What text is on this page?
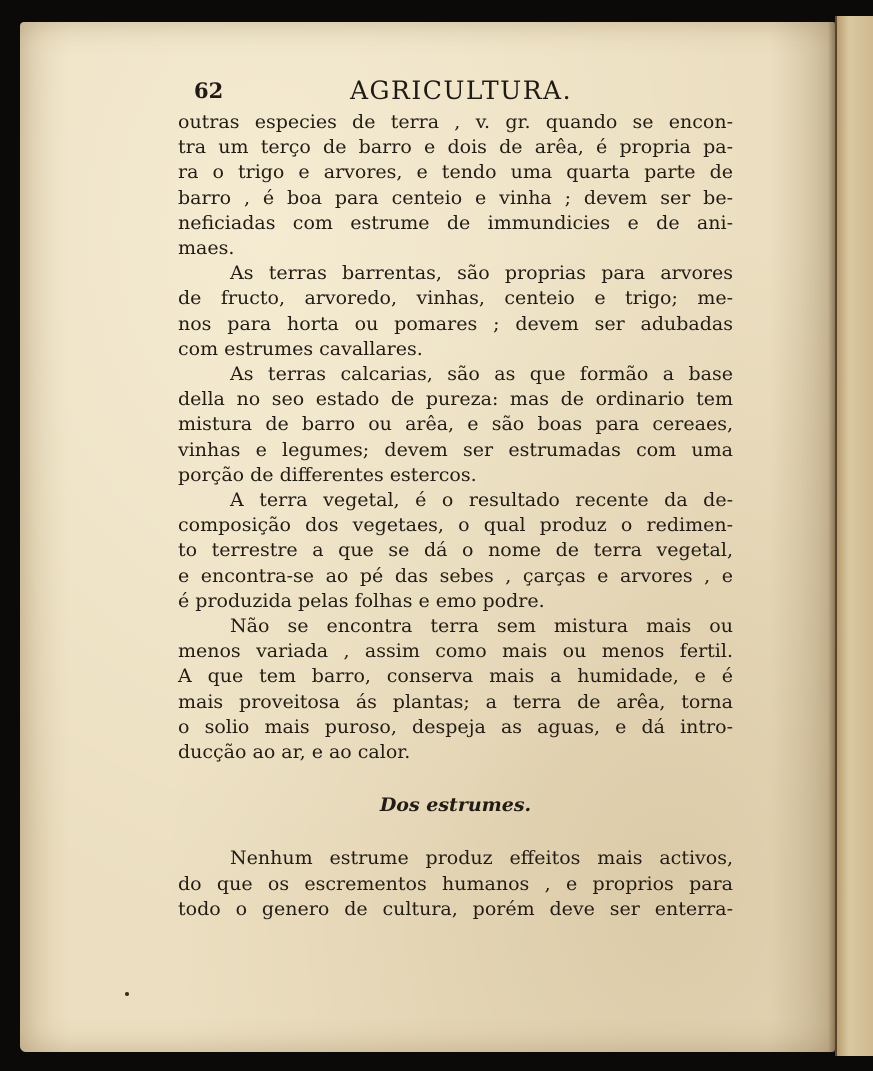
62	AGRICULTURA.

outras especies de terra , v. gr. quando se encon-
tra um terço de barro e dois de arêa, é propria pa-
ra o trigo e arvores, e tendo uma quarta parte de
barro , é boa para centeio e vinha ; devem ser be-
neficiadas com estrume de immundicies e de ani-
maes.

As terras barrentas, são proprias para arvores
de fructo, arvoredo, vinhas, centeio e trigo; me-
nos para horta ou pomares ; devem ser adubadas
com estrumes cavallares.

As terras calcarias, são as que formão a base
della no seo estado de pureza: mas de ordinario tem
mistura de barro ou arêa, e são boas para cereaes,
vinhas e legumes; devem ser estrumadas com uma
porção de differentes estercos.

A terra vegetal, é o resultado recente da de-
composição dos vegetaes, o qual produz o redimen-
to terrestre a que se dá o nome de terra vegetal,
e encontra-se ao pé das sebes , çarças e arvores , e
é produzida pelas folhas e emo podre.

Não se encontra terra sem mistura mais ou
menos variada , assim como mais ou menos fertil.
A que tem barro, conserva mais a humidade, e é
mais proveitosa ás plantas; a terra de arêa, torna
o solio mais puroso, despeja as aguas, e dá intro-
ducção ao ar, e ao calor.

Dos estrumes.

Nenhum estrume produz effeitos mais activos,
do que os escrementos humanos , e proprios para
todo o genero de cultura, porém deve ser enterra-
